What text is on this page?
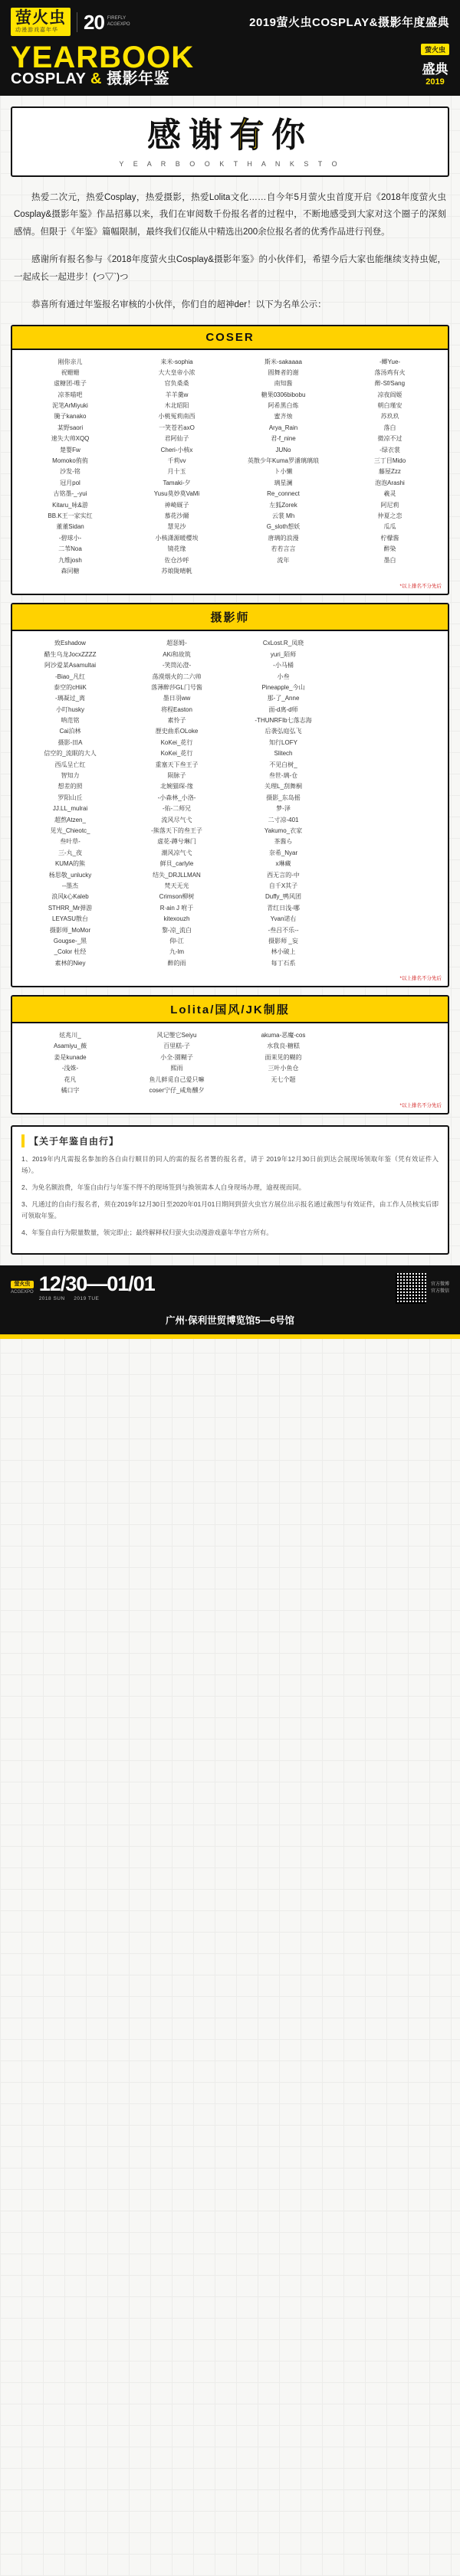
萤火虫
动漫游戏嘉年华	20 FIREFLY
ACGEXPO	2019萤火虫COSPLAY&摄影年度盛典
YEARBOOK
COSPLAY & 摄影年鉴
萤火虫
盛典
2019
感谢有你
Y E A R B O O K T H A N K S T O
热爱二次元，热爱Cosplay，热爱摄影，热爱Lolita文化……自今年5月萤火虫首度开启《2018年度萤火虫Cosplay&摄影年鉴》作品招募以来，我们在审阅数千份报名者的过程中，不断地感受到大家对这个圈子的深刻感情。但限于《年鉴》篇幅限制，最终我们仅能从中精选出200余位报名者的优秀作品进行刊登。
感谢所有报名参与《2018年度萤火虫Cosplay&摄影年鉴》的小伙伴们，希望今后大家也能继续支持虫妮，一起成长一起进步！(つ▽`)つ
恭喜所有通过年鉴报名审核的小伙伴，你们自的超神der！以下为名单公示：
COSER
刚你亲儿	来米-sophia	斯米-sakaaaa	-鲫Yue-
祝姗姗	大大皇帝小浓	圆舞者的谢	落汤鸡有火
虚糖团-唯子	官负桑桑	南知酱	醉-Sf/Sang
凉茶喵吧	羊羊羹w	糖果0306bibobu	凉夜阎姬
泥笔ArMiyuki	木北昭阳	阿希黑白炼	朝白瑾安
腌子kanako	小桃冤莉南西	蜜齐烛	苏玖玖
某野saori	一笑苍若axO	Arya_Rain	落白
速失大帅XQQ	君阿仙子	君-f_nine	微凉不过
楚婴Fw	Cheri-小核x	JUNo	-绿衣裳
Momoko侑侑	千莉vv	英散少年Kuma罗潘璃璃琅	三丁目Mido
沙发-铭	月十玉	ト小懒	藤屋Zzz
冠月pol	Tamaki-夕	璃星澜	泡泡Arashi
古铭墨-_-yui	Yusu莫妙莫VaMi	Re_connect	羲灵
Kitaru_咏&游	神崎厩子	左狐Zorek	阿尼莉
BB.K王一家实红	慕花沙爾	云裳 Mh	仲夏之恋
董董Sidan	慧见沙	G_sloth想妖	瓜瓜
-碧球小-	小核潇源暖樱埃	唐璃的浪漫	柠檬酱
二苇Noa	镜花缘	若若言言	醉染
九维josh	佐仓沙呼	流年	墨白
森同糖	苏娘陇晴帆
*以上排名不分先后
摄影师
致Eshadow	超瑟姆-	CxLost.R_凤晓
醋生乌龙JocxZZZZ	AKi和故筑	yuri_陌师
阿沙爱某Asamultai	-笑筒沁澄-	-小马桶
-Biao_凡红	荡漠烟火的二六帅	小叁
泰空的cHiiK	落薄醉莎GL门号酱	Pineapple_今山
-璃凝过_离	墨日羽ww	那-了_Anne
小叮husky	将程Easton	面-d离-d师
呐范铭	素怜子	-THUNRFIb七落志海
Cai泊林	歷史曲系OLoke	后袭弘庭弘飞
摄影-田A	KoKei_花行	知行LOFY
信空的_流眠的大人	KoKei_花行	Slitech
西瓜呈亡红	重塞天下叁王子	不见白树_
智知力	陨脉子	叁世-璃-仓
想差的照	北婉猫琛-缘	关理L_刮舞桐
罗阳山丘	-小森林_小洛-	摄影_东岛摇
JJ.LL_mulrai	-佑-二师兄	梦-泽
超熬Atzen_	流风尽气弋	二寸凉-401
见光_Chieotc_	-熊落天下的叁王子	Yakumo_衣家
叁叶草-	虚花-蹲兮琳门	茶酱ら
三-丸_夜	潮风凉气弋	奈希_Nyar
KUMA的熊	鲜貝_carlyle	x琳藏
杨思敬_unlucky	结失_DRJLLMAN	西无言的-中
--墨杰	梵天无光	自千X其子
浪风k心Kaleb	Crimson柳树	Duffy_鸭风团
STHRR_Mr弹游	R·ain J 咐于	青红日浅-哪
LEYASU散台	kitexouzh	Yvan诺右
摄影师_MoMor	黎-凉_流白	-叁吕不乐--
Gougse-_黑	仰-江	摄影师 _妄
_Color 杜经	九-lm	林小破上
素林的Niey	醉的雨	每丁石系
*以上排名不分先后
Lolita/国风/JK制服
炫兆川_	风记璺它Seiyu	akuma-恶魔-cos
Asamiyu_薇	百里糕-子	水我良-糖糕
姜是kunade	小全·園糊子	面茉见的糊的
-浅姝-	熙雨	三叶小鱼仓
花凡	鱼儿鲜觅自己爱只嘛	无七个题
橘口字	coser宁仔_咸角醺夕
*以上排名不分先后
【关于年鉴自由行】

1、2019年内凡需报名参加的各自由行顺目的同人的需的报名者署的报名者，请于 2019年12月30日前到达会展现场领取年鉴（凭有效证件入场）。

2、为免名额浪费，年鉴自由行与年鉴不得不的现场签到与换领需本人自身现场办理，逾视视而同。

3、凡通过的自由行报名者，须在2019年12月30日至2020年01月01日期间到萤火虫官方展位出示报名通过截图与有效证件，由工作人员核实后即可领取年鉴。

4、年鉴自由行为限量数量，领完即止；最终解释权归萤火虫动漫游戏嘉年华官方所有。

萤火虫
ACGEXPO 12/30—01/01
2018 SUN 2019 TUE
官方微博
官方微信
广州·保利世贸博览馆5—6号馆
